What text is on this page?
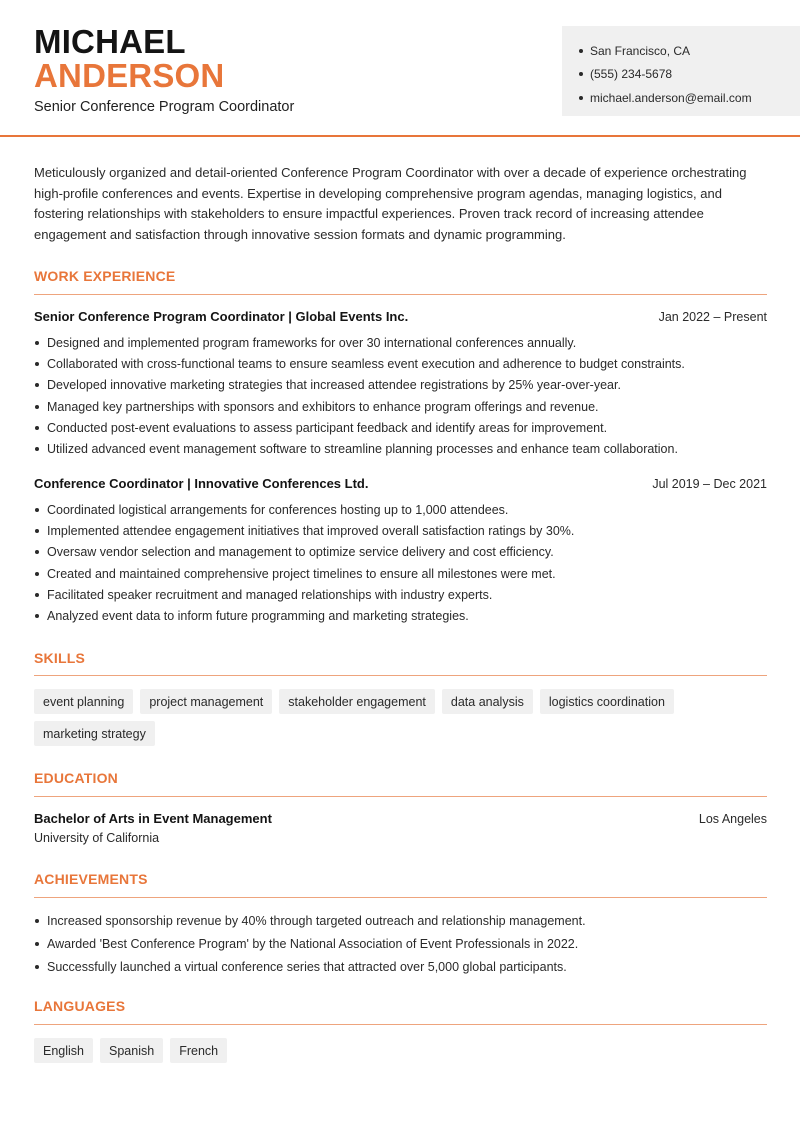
MICHAEL
ANDERSON
Senior Conference Program Coordinator
San Francisco, CA
(555) 234-5678
michael.anderson@email.com

Meticulously organized and detail-oriented Conference Program Coordinator with over a decade of experience orchestrating high-profile conferences and events. Expertise in developing comprehensive program agendas, managing logistics, and fostering relationships with stakeholders to ensure impactful experiences. Proven track record of increasing attendee engagement and satisfaction through innovative session formats and dynamic programming.

WORK EXPERIENCE
Senior Conference Program Coordinator | Global Events Inc.	Jan 2022 – Present
Designed and implemented program frameworks for over 30 international conferences annually.
Collaborated with cross-functional teams to ensure seamless event execution and adherence to budget constraints.
Developed innovative marketing strategies that increased attendee registrations by 25% year-over-year.
Managed key partnerships with sponsors and exhibitors to enhance program offerings and revenue.
Conducted post-event evaluations to assess participant feedback and identify areas for improvement.
Utilized advanced event management software to streamline planning processes and enhance team collaboration.
Conference Coordinator | Innovative Conferences Ltd.	Jul 2019 – Dec 2021
Coordinated logistical arrangements for conferences hosting up to 1,000 attendees.
Implemented attendee engagement initiatives that improved overall satisfaction ratings by 30%.
Oversaw vendor selection and management to optimize service delivery and cost efficiency.
Created and maintained comprehensive project timelines to ensure all milestones were met.
Facilitated speaker recruitment and managed relationships with industry experts.
Analyzed event data to inform future programming and marketing strategies.
SKILLS
event planning	project management	stakeholder engagement	data analysis	logistics coordination
marketing strategy
EDUCATION
Bachelor of Arts in Event Management	Los Angeles
University of California
ACHIEVEMENTS
Increased sponsorship revenue by 40% through targeted outreach and relationship management.
Awarded 'Best Conference Program' by the National Association of Event Professionals in 2022.
Successfully launched a virtual conference series that attracted over 5,000 global participants.
LANGUAGES
English	Spanish	French
